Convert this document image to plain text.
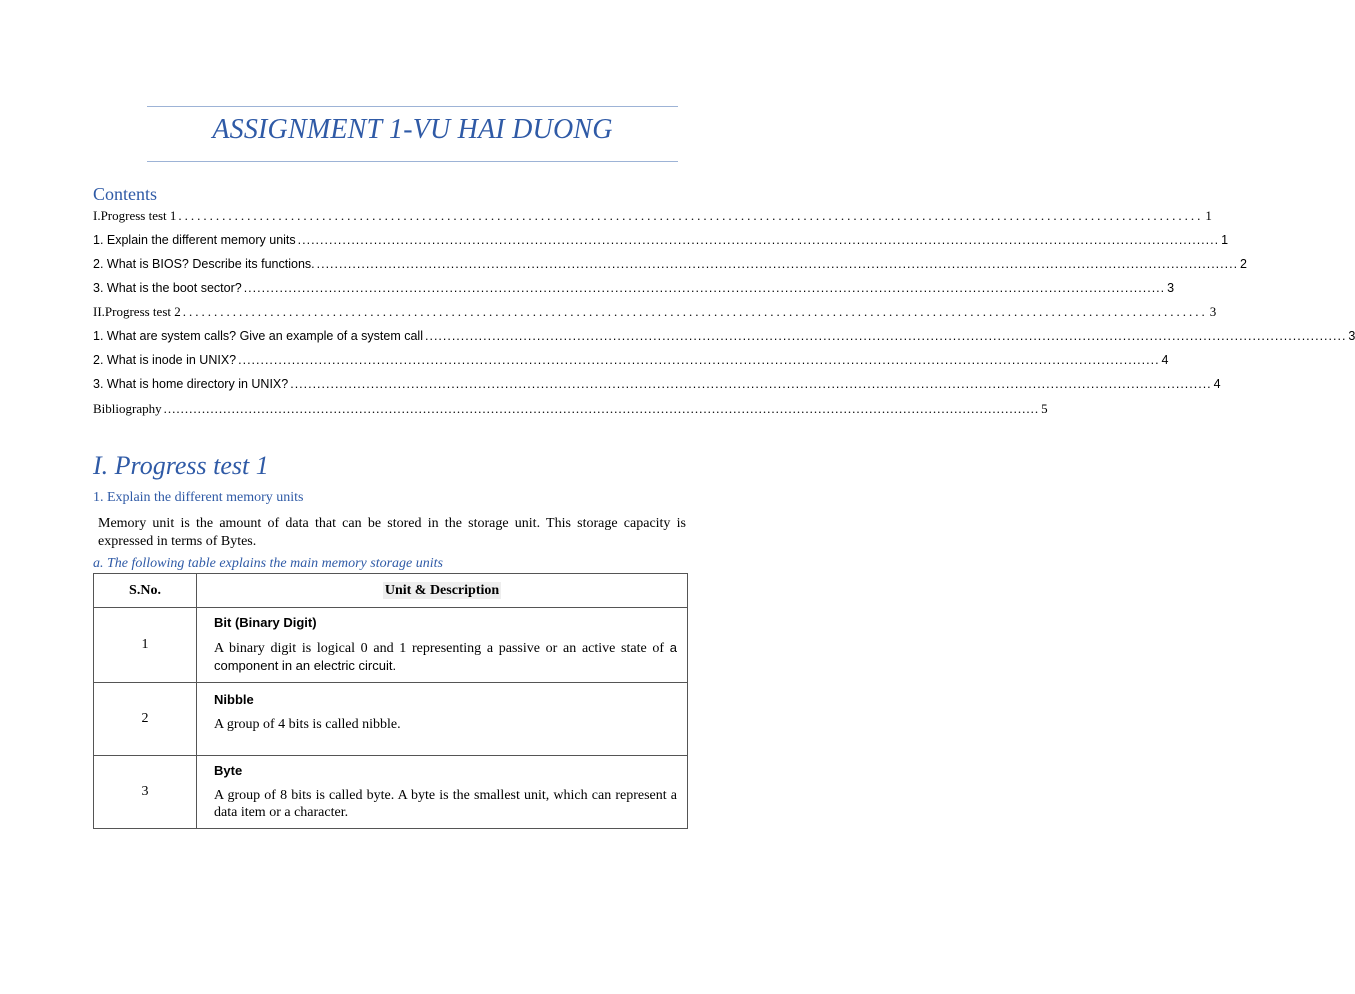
ASSIGNMENT 1-VU HAI DUONG
Contents
I.Progress test 1 .................................................................................................................................................................... 1
1. Explain the different memory units .............................................................................................................................................................................................................. 1
2. What is BIOS? Describe its functions. .............................................................................................................................................................................................................. 2
3. What is the boot sector? .............................................................................................................................................................................................................. 3
II.Progress test 2 .................................................................................................................................................................... 3
1. What are system calls? Give an example of a system call .............................................................................................................................................................................................................. 3
2. What is inode in UNIX? .............................................................................................................................................................................................................. 4
3. What is home directory in UNIX? .............................................................................................................................................................................................................. 4
Bibliography .............................................................................................................................................................................................................. 5
I. Progress test 1
1. Explain the different memory units

Memory unit is the amount of data that can be stored in the storage unit. This storage capacity is expressed in terms of Bytes.

a. The following table explains the main memory storage units

S.No.	Unit & Description
1	Bit (Binary Digit)

A binary digit is logical 0 and 1 representing a passive or an active state of a component in an electric circuit.

2	Nibble

A group of 4 bits is called nibble.

3	Byte

A group of 8 bits is called byte. A byte is the smallest unit, which can represent a data item or a character.
